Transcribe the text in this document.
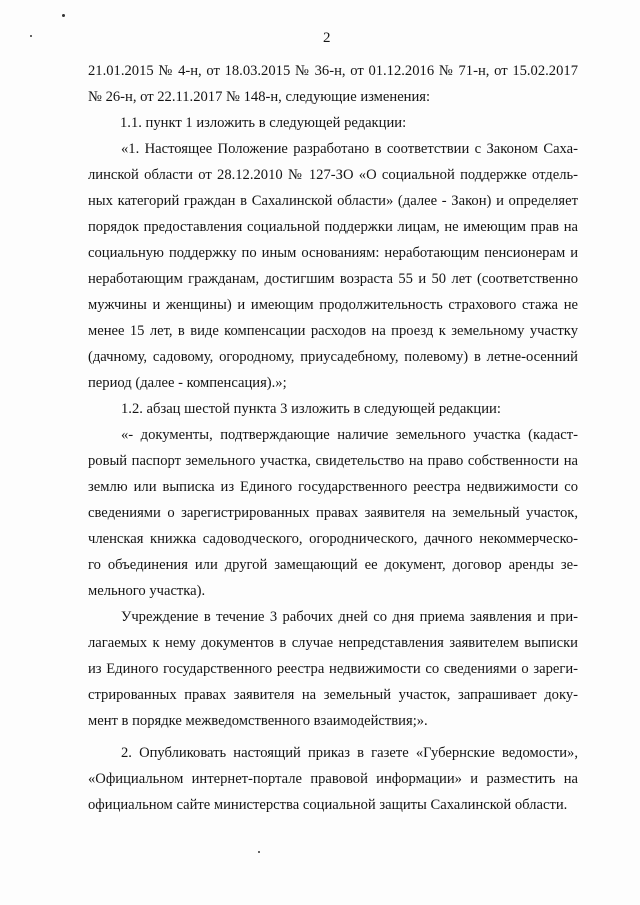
2
21.01.2015 № 4-н, от 18.03.2015 № 36-н, от 01.12.2016 № 71-н, от 15.02.2017
№ 26-н, от 22.11.2017 № 148-н, следующие изменения:
1.1. пункт 1 изложить в следующей редакции:
«1. Настоящее Положение разработано в соответствии с Законом Саха-
линской области от 28.12.2010 № 127-ЗО «О социальной поддержке отдель-
ных категорий граждан в Сахалинской области» (далее - Закон) и определяет
порядок предоставления социальной поддержки лицам, не имеющим прав на
социальную поддержку по иным основаниям: неработающим пенсионерам и
неработающим гражданам, достигшим возраста 55 и 50 лет (соответственно
мужчины и женщины) и имеющим продолжительность страхового стажа не
менее 15 лет, в виде компенсации расходов на проезд к земельному участку
(дачному, садовому, огородному, приусадебному, полевому) в летне-осенний
период (далее - компенсация).»;
1.2. абзац шестой пункта 3 изложить в следующей редакции:
«- документы, подтверждающие наличие земельного участка (кадаст-
ровый паспорт земельного участка, свидетельство на право собственности на
землю или выписка из Единого государственного реестра недвижимости со
сведениями о зарегистрированных правах заявителя на земельный участок,
членская книжка садоводческого, огороднического, дачного некоммерческо-
го объединения или другой замещающий ее документ, договор аренды зе-
мельного участка).
Учреждение в течение 3 рабочих дней со дня приема заявления и при-
лагаемых к нему документов в случае непредставления заявителем выписки
из Единого государственного реестра недвижимости со сведениями о зареги-
стрированных правах заявителя на земельный участок, запрашивает доку-
мент в порядке межведомственного взаимодействия;».
2. Опубликовать настоящий приказ в газете «Губернские ведомости»,
«Официальном интернет-портале правовой информации» и разместить на
официальном сайте министерства социальной защиты Сахалинской области.
